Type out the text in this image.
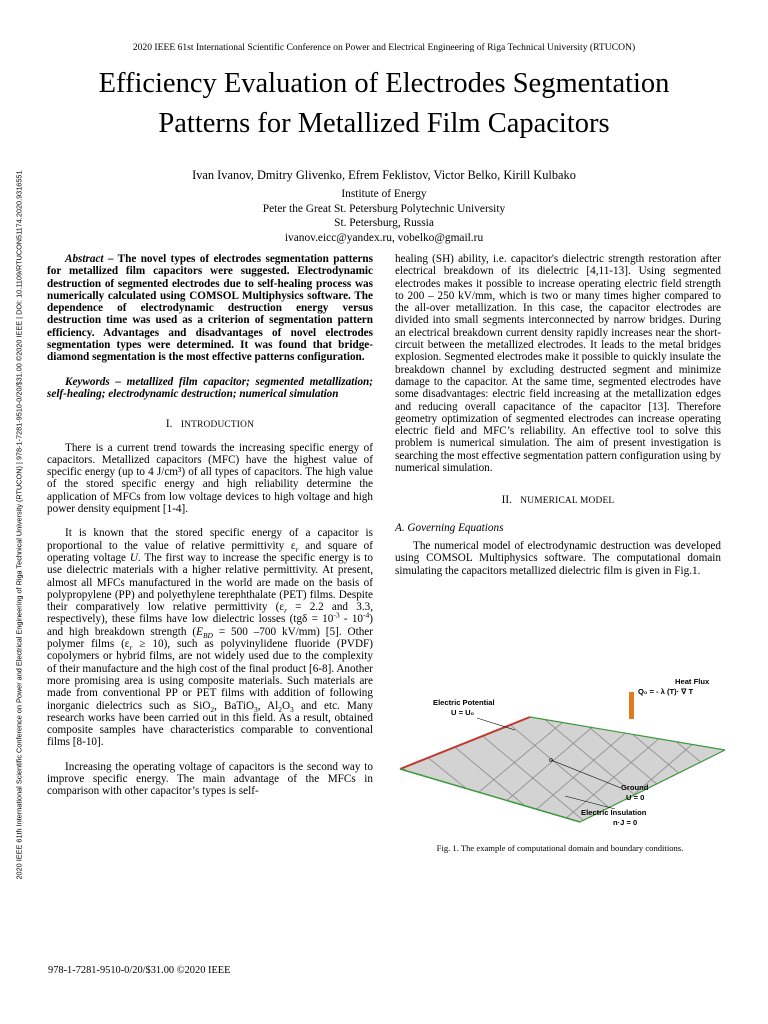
2020 IEEE 61th International Scientific Conference on Power and Electrical Engineering of Riga Technical University (RTUCON) | 978-1-7281-9510-0/20/$31.00 ©2020 IEEE | DOI: 10.1109/RTUCON51174.2020.9316551
2020 IEEE 61st International Scientific Conference on Power and Electrical Engineering of Riga Technical University (RTUCON)
Efficiency Evaluation of Electrodes Segmentation
Patterns for Metallized Film Capacitors
Ivan Ivanov, Dmitry Glivenko, Efrem Feklistov, Victor Belko, Kirill Kulbako
Institute of Energy
Peter the Great St. Petersburg Polytechnic University
St. Petersburg, Russia
ivanov.eicc@yandex.ru, vobelko@gmail.ru

Abstract – The novel types of electrodes segmentation patterns for metallized film capacitors were suggested. Electrodynamic destruction of segmented electrodes due to self-healing process was numerically calculated using COMSOL Multiphysics software. The dependence of electrodynamic destruction energy versus destruction time was used as a criterion of segmentation pattern efficiency. Advantages and disadvantages of novel electrodes segmentation types were determined. It was found that bridge-diamond segmentation is the most effective patterns configuration.

Keywords – metallized film capacitor; segmented metallization; self-healing; electrodynamic destruction; numerical simulation

I. INTRODUCTION

There is a current trend towards the increasing specific energy of capacitors. Metallized capacitors (MFC) have the highest value of specific energy (up to 4 J/cm³) of all types of capacitors. The high value of the stored specific energy and high reliability determine the application of MFCs from low voltage devices to high voltage and high power density equipment [1-4].

It is known that the stored specific energy of a capacitor is proportional to the value of relative permittivity $\varepsilon_r$ and square of operating voltage U. The first way to increase the specific energy is to use dielectric materials with a higher relative permittivity. At present, almost all MFCs manufactured in the world are made on the basis of polypropylene (PP) and polyethylene terephthalate (PET) films. Despite their comparatively low relative permittivity ($\varepsilon_r = 2.2$ and 3.3, respectively), these films have low dielectric losses $(tg\delta = 10^{-3} - 10^{-4})$ and high breakdown strength ($E_{BD} = 500$ –700 kV/mm) [5]. Other polymer films $(\varepsilon_r \ge 10)$, such as polyvinylidene fluoride (PVDF) copolymers or hybrid films, are not widely used due to the complexity of their manufacture and the high cost of the final product [6-8]. Another more promising area is using composite materials. Such materials are made from conventional PP or PET films with addition of following inorganic dielectrics such as SiO$_2$, BaTiO$_3$, $Al_2O_3$ and etc. Many research works have been carried out in this field. As a result, obtained composite samples have characteristics comparable to conventional films [8-10].

Increasing the operating voltage of capacitors is the second way to improve specific energy. The main advantage of the MFCs in comparison with other capacitor’s types is self-

healing (SH) ability, i.e. capacitor's dielectric strength restoration after electrical breakdown of its dielectric [4,11-13]. Using segmented electrodes makes it possible to increase operating electric field strength to 200 – 250 kV/mm, which is two or many times higher compared to the all-over metallization. In this case, the capacitor electrodes are divided into small segments interconnected by narrow bridges. During an electrical breakdown current density rapidly increases near the short-circuit between the metallized electrodes. It leads to the metal bridges explosion. Segmented electrodes make it possible to quickly insulate the breakdown channel by excluding destructed segment and minimize damage to the capacitor. At the same time, segmented electrodes have some disadvantages: electric field increasing at the metallization edges and reducing overall capacitance of the capacitor [13]. Therefore geometry optimization of segmented electrodes can increase operating electric field and MFC’s reliability. An effective tool to solve this problem is numerical simulation. The aim of present investigation is searching the most effective segmentation pattern configuration using by numerical simulation.

II. NUMERICAL MODEL
A. Governing Equations

The numerical model of electrodynamic destruction was developed using COMSOL Multiphysics software. The computational domain simulating the capacitors metallized dielectric film is given in Fig.1.

Electric Potential
U = U₀
Heat Flux
Q₀ = - λ (T)· ∇ T
Ground
U = 0
Electric Insulation
n·J = 0
Fig. 1. The example of computational domain and boundary conditions.
978-1-7281-9510-0/20/$31.00 ©2020 IEEE
